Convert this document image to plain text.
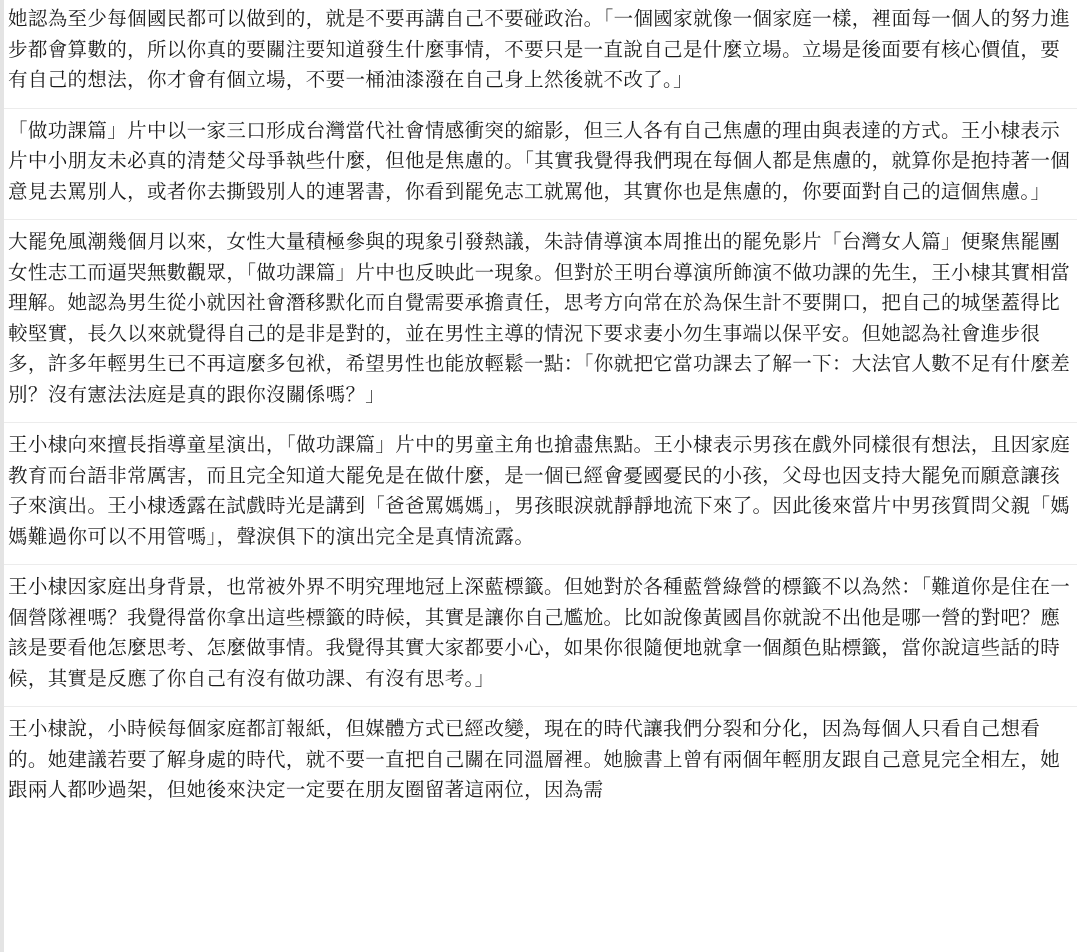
她認為至少每個國民都可以做到的，就是不要再講自己不要碰政治。「一個國家就像一個家庭一樣，裡面每一個人的努力進步都會算數的，所以你真的要關注要知道發生什麼事情，不要只是一直說自己是什麼立場。立場是後面要有核心價值，要有自己的想法，你才會有個立場，不要一桶油漆潑在自己身上然後就不改了。」

「做功課篇」片中以一家三口形成台灣當代社會情感衝突的縮影，但三人各有自己焦慮的理由與表達的方式。王小棣表示片中小朋友未必真的清楚父母爭執些什麼，但他是焦慮的。「其實我覺得我們現在每個人都是焦慮的，就算你是抱持著一個意見去罵別人，或者你去撕毀別人的連署書，你看到罷免志工就罵他，其實你也是焦慮的，你要面對自己的這個焦慮。」

大罷免風潮幾個月以來，女性大量積極參與的現象引發熱議，朱詩倩導演本周推出的罷免影片「台灣女人篇」便聚焦罷團女性志工而逼哭無數觀眾，「做功課篇」片中也反映此一現象。但對於王明台導演所飾演不做功課的先生，王小棣其實相當理解。她認為男生從小就因社會潛移默化而自覺需要承擔責任，思考方向常在於為保生計不要開口，把自己的城堡蓋得比較堅實，長久以來就覺得自己的是非是對的，並在男性主導的情況下要求妻小勿生事端以保平安。但她認為社會進步很多，許多年輕男生已不再這麼多包袱，希望男性也能放輕鬆一點：「你就把它當功課去了解一下：大法官人數不足有什麼差別？沒有憲法法庭是真的跟你沒關係嗎？」

王小棣向來擅長指導童星演出，「做功課篇」片中的男童主角也搶盡焦點。王小棣表示男孩在戲外同樣很有想法，且因家庭教育而台語非常厲害，而且完全知道大罷免是在做什麼，是一個已經會憂國憂民的小孩，父母也因支持大罷免而願意讓孩子來演出。王小棣透露在試戲時光是講到「爸爸罵媽媽」，男孩眼淚就靜靜地流下來了。因此後來當片中男孩質問父親「媽媽難過你可以不用管嗎」，聲淚俱下的演出完全是真情流露。

王小棣因家庭出身背景，也常被外界不明究理地冠上深藍標籤。但她對於各種藍營綠營的標籤不以為然：「難道你是住在一個營隊裡嗎？我覺得當你拿出這些標籤的時候，其實是讓你自己尷尬。比如說像黃國昌你就說不出他是哪一營的對吧？應該是要看他怎麼思考、怎麼做事情。我覺得其實大家都要小心，如果你很隨便地就拿一個顏色貼標籤，當你說這些話的時候，其實是反應了你自己有沒有做功課、有沒有思考。」

王小棣說，小時候每個家庭都訂報紙，但媒體方式已經改變，現在的時代讓我們分裂和分化，因為每個人只看自己想看的。她建議若要了解身處的時代，就不要一直把自己關在同溫層裡。她臉書上曾有兩個年輕朋友跟自己意見完全相左，她跟兩人都吵過架，但她後來決定一定要在朋友圈留著這兩位，因為需
